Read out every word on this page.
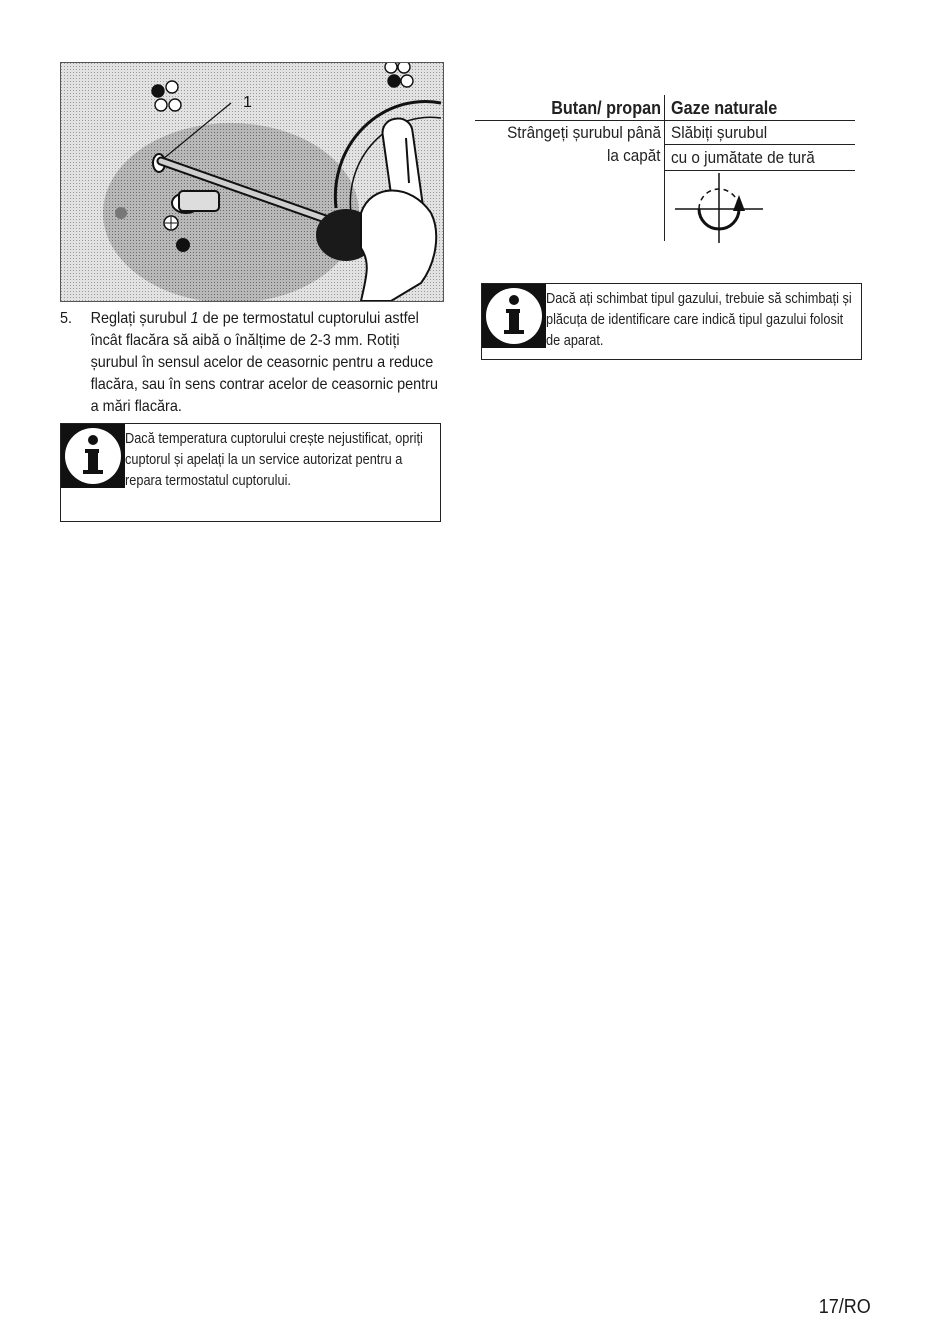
1
5. Reglați șurubul 1 de pe termostatul cuptorului astfel încât flacăra să aibă o înălțime de 2-3 mm. Rotiți șurubul în sensul acelor de ceasornic pentru a reduce flacăra, sau în sens contrar acelor de ceasornic pentru a mări flacăra.
Dacă temperatura cuptorului crește nejustificat, opriți cuptorul și apelați la un service autorizat pentru a repara termostatul cuptorului.
Butan/ propan Gaze naturale
Strângeți șurubul până
la capăt
Slăbiți șurubul
cu o jumătate de tură
Dacă ați schimbat tipul gazului, trebuie să schimbați și plăcuța de identificare care indică tipul gazului folosit de aparat.
17/RO
